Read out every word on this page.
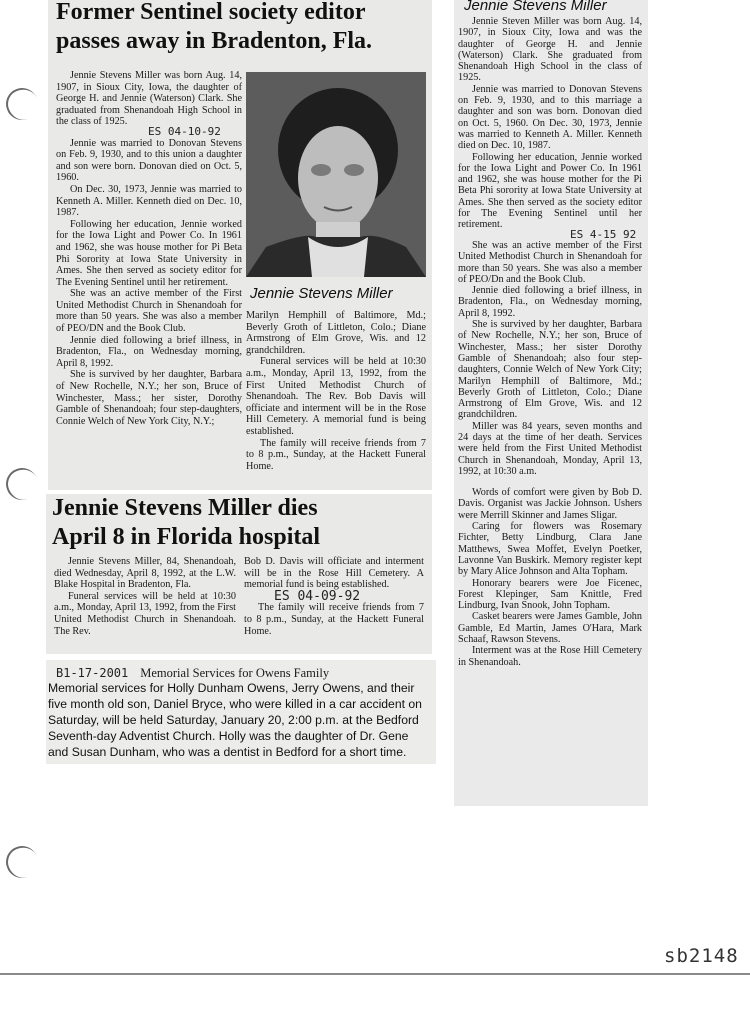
Former Sentinel society editor

passes away in Bradenton, Fla.

Jennie Stevens Miller was born Aug. 14, 1907, in Sioux City, Iowa, the daughter of George H. and Jennie (Waterson) Clark. She graduated from Shenandoah High School in the class of 1925.

ES 04-10-92

Jennie was married to Donovan Stevens on Feb. 9, 1930, and to this union a daughter and son were born. Donovan died on Oct. 5, 1960.

On Dec. 30, 1973, Jennie was married to Kenneth A. Miller. Kenneth died on Dec. 10, 1987.

Following her education, Jennie worked for the Iowa Light and Power Co. In 1961 and 1962, she was house mother for Pi Beta Phi Sorority at Iowa State University in Ames. She then served as society editor for The Evening Sentinel until her retirement.

She was an active member of the First United Methodist Church in Shenandoah for more than 50 years. She was also a member of PEO/DN and the Book Club.

Jennie died following a brief illness, in Bradenton, Fla., on Wednesday morning, April 8, 1992.

She is survived by her daughter, Barbara of New Rochelle, N.Y.; her son, Bruce of Winchester, Mass.; her sister, Dorothy Gamble of Shenandoah; four step-daughters, Connie Welch of New York City, N.Y.;

Jennie Stevens Miller

Marilyn Hemphill of Baltimore, Md.; Beverly Groth of Littleton, Colo.; Diane Armstrong of Elm Grove, Wis. and 12 grandchildren.

Funeral services will be held at 10:30 a.m., Monday, April 13, 1992, from the First United Methodist Church of Shenandoah. The Rev. Bob Davis will officiate and interment will be in the Rose Hill Cemetery. A memorial fund is being established.

The family will receive friends from 7 to 8 p.m., Sunday, at the Hackett Funeral Home.

Jennie Stevens Miller dies

April 8 in Florida hospital

Jennie Stevens Miller, 84, Shenandoah, died Wednesday, April 8, 1992, at the L.W. Blake Hospital in Bradenton, Fla.

Funeral services will be held at 10:30 a.m., Monday, April 13, 1992, from the First United Methodist Church in Shenandoah. The Rev.

Bob D. Davis will officiate and interment will be in the Rose Hill Cemetery. A memorial fund is being established.

ES 04-09-92

The family will receive friends from 7 to 8 p.m., Sunday, at the Hackett Funeral Home.

B1-17-2001 Memorial Services for Owens Family
Memorial services for Holly Dunham Owens, Jerry Owens, and their five month old son, Daniel Bryce, who were killed in a car accident on Saturday, will be held Saturday, January 20, 2:00 p.m. at the Bedford Seventh-day Adventist Church. Holly was the daughter of Dr. Gene and Susan Dunham, who was a dentist in Bedford for a short time.
Jennie Stevens Miller

Jennie Steven Miller was born Aug. 14, 1907, in Sioux City, Iowa and was the daughter of George H. and Jennie (Waterson) Clark. She graduated from Shenandoah High School in the class of 1925.

Jennie was married to Donovan Stevens on Feb. 9, 1930, and to this marriage a daughter and son was born. Donovan died on Oct. 5, 1960. On Dec. 30, 1973, Jennie was married to Kenneth A. Miller. Kenneth died on Dec. 10, 1987.

Following her education, Jennie worked for the Iowa Light and Power Co. In 1961 and 1962, she was house mother for the Pi Beta Phi sorority at Iowa State University at Ames. She then served as the society editor for The Evening Sentinel until her retirement.

ES 4-15 92

She was an active member of the First United Methodist Church in Shenandoah for more than 50 years. She was also a member of PEO/Dn and the Book Club.

Jennie died following a brief illness, in Bradenton, Fla., on Wednesday morning, April 8, 1992.

She is survived by her daughter, Barbara of New Rochelle, N.Y.; her son, Bruce of Winchester, Mass.; her sister Dorothy Gamble of Shenandoah; also four step-daughters, Connie Welch of New York City; Marilyn Hemphill of Baltimore, Md.; Beverly Groth of Littleton, Colo.; Diane Armstrong of Elm Grove, Wis. and 12 grandchildren.

Miller was 84 years, seven months and 24 days at the time of her death. Services were held from the First United Methodist Church in Shenandoah, Monday, April 13, 1992, at 10:30 a.m.

Words of comfort were given by Bob D. Davis. Organist was Jackie Johnson. Ushers were Merrill Skinner and James Sligar.

Caring for flowers was Rosemary Fichter, Betty Lindburg, Clara Jane Matthews, Swea Moffet, Evelyn Poetker, Lavonne Van Buskirk. Memory register kept by Mary Alice Johnson and Alta Topham.

Honorary bearers were Joe Ficenec, Forest Klepinger, Sam Knittle, Fred Lindburg, Ivan Snook, John Topham.

Casket bearers were James Gamble, John Gamble, Ed Martin, James O'Hara, Mark Schaaf, Rawson Stevens.

Interment was at the Rose Hill Cemetery in Shenandoah.

sb2148
